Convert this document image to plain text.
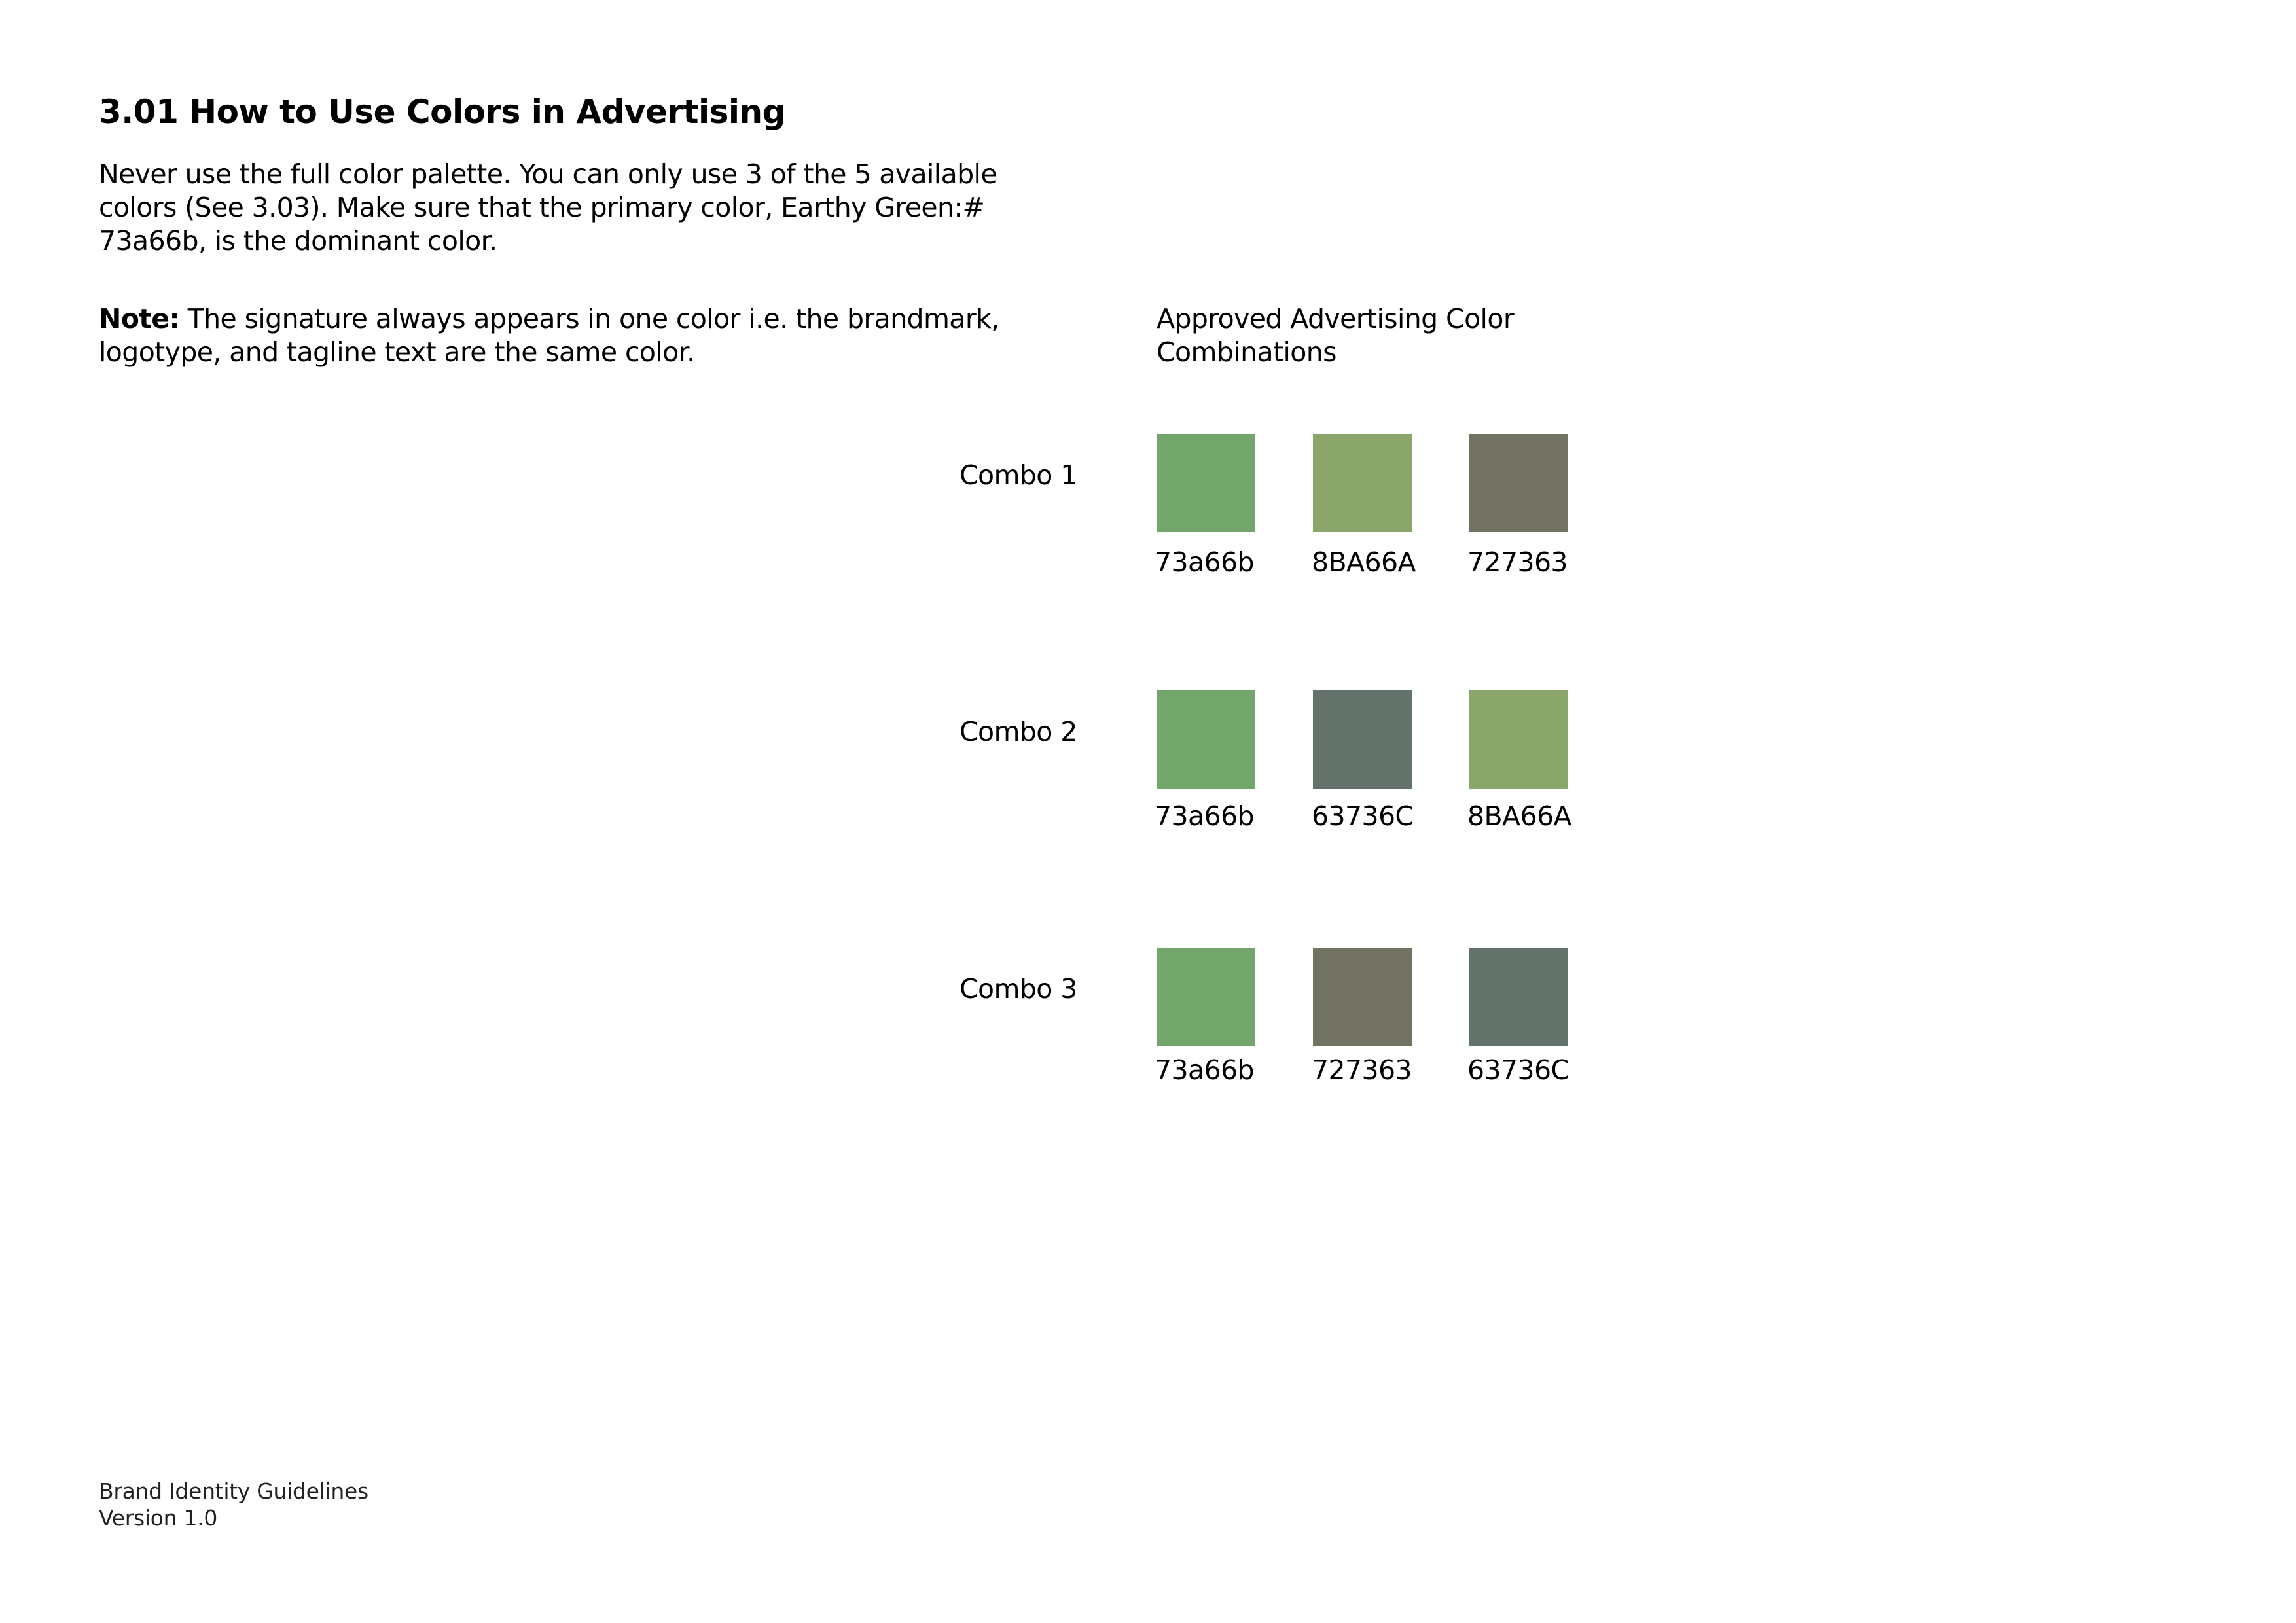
3.01 How to Use Colors in Advertising

Never use the full color palette. You can only use 3 of the 5 available colors (See 3.03). Make sure that the primary color, Earthy Green:# 73a66b, is the dominant color.

Note: The signature always appears in one color i.e. the brandmark, logotype, and tagline text are the same color.

Approved Advertising Color Combinations

Combo 1
73a66b 8BA66A 727363
Combo 2
73a66b 63736C 8BA66A
Combo 3
73a66b 727363 63736C
Brand Identity Guidelines
Version 1.0
